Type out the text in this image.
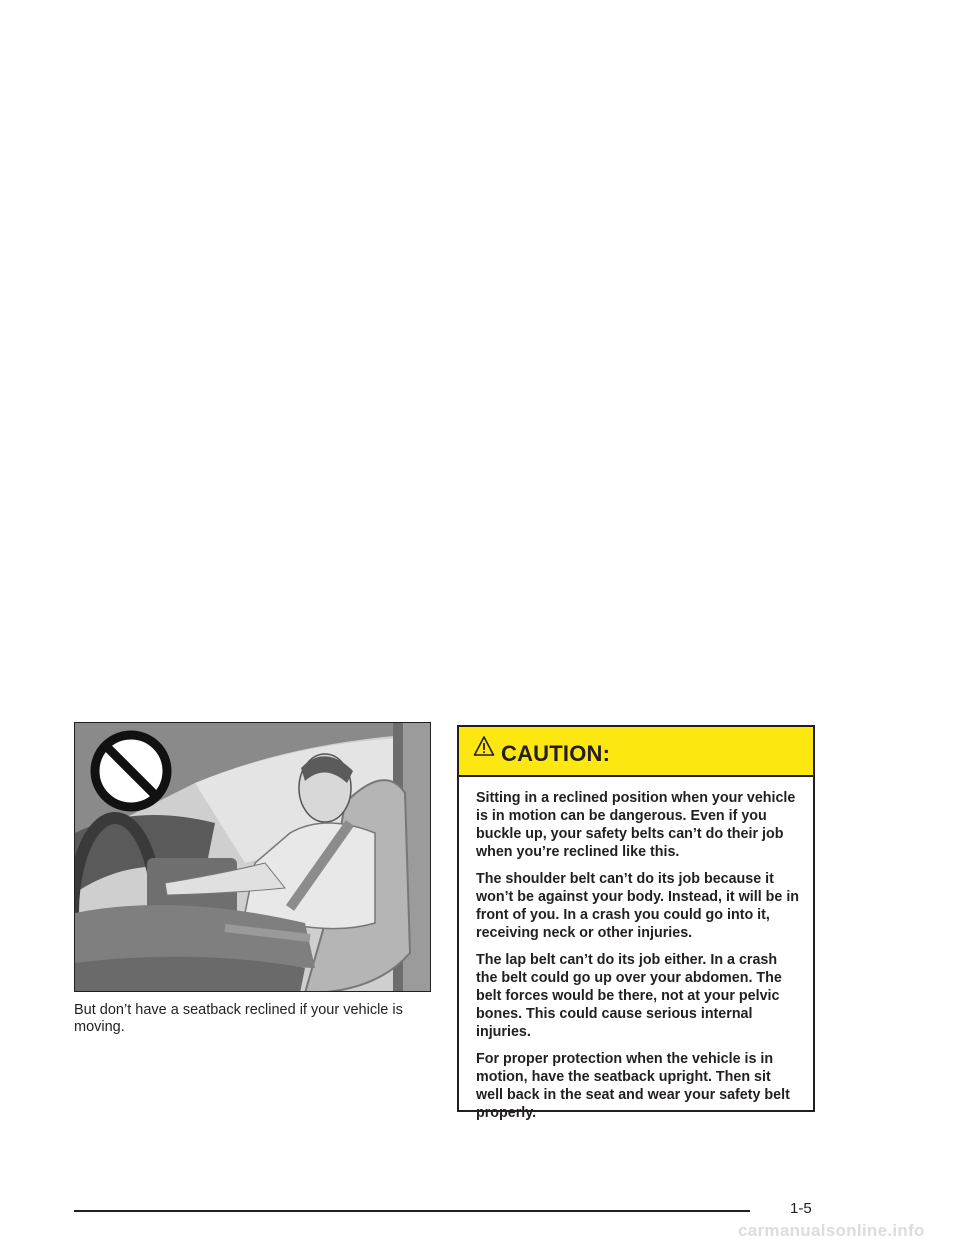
But don’t have a seatback reclined if your vehicle is moving.

CAUTION:

Sitting in a reclined position when your vehicle is in motion can be dangerous. Even if you buckle up, your safety belts can’t do their job when you’re reclined like this.

The shoulder belt can’t do its job because it won’t be against your body. Instead, it will be in front of you. In a crash you could go into it, receiving neck or other injuries.

The lap belt can’t do its job either. In a crash the belt could go up over your abdomen. The belt forces would be there, not at your pelvic bones. This could cause serious internal injuries.

For proper protection when the vehicle is in motion, have the seatback upright. Then sit well back in the seat and wear your safety belt properly.

1-5
carmanualsonline.info
